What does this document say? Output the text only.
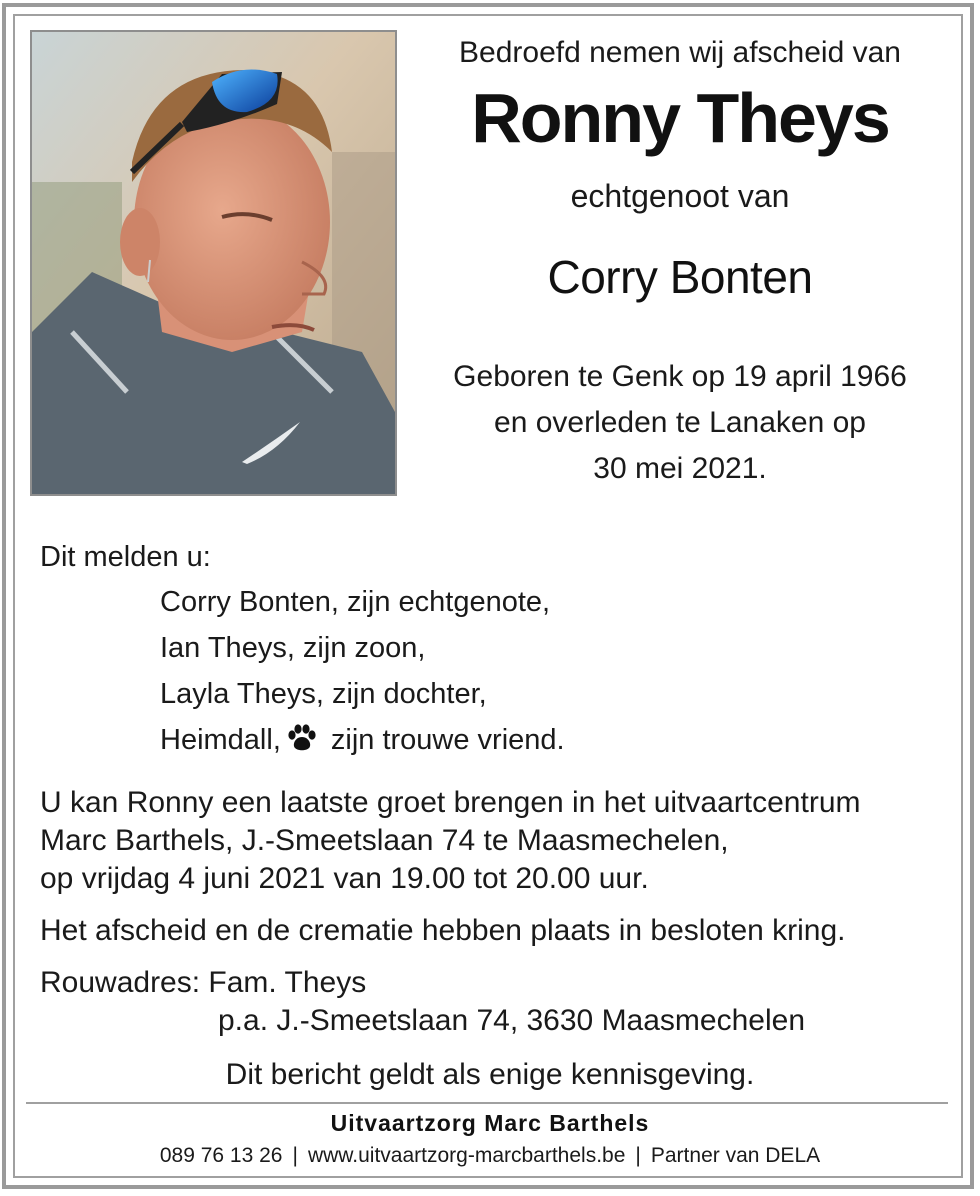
Bedroefd nemen wij afscheid van
Ronny Theys
echtgenoot van
Corry Bonten
Geboren te Genk op 19 april 1966
en overleden te Lanaken op
30 mei 2021.
Dit melden u:
Corry Bonten, zijn echtgenote,
Ian Theys, zijn zoon,
Layla Theys, zijn dochter,
Heimdall, zijn trouwe vriend.
U kan Ronny een laatste groet brengen in het uitvaartcentrum
Marc Barthels, J.-Smeetslaan 74 te Maasmechelen,
op vrijdag 4 juni 2021 van 19.00 tot 20.00 uur.
Het afscheid en de crematie hebben plaats in besloten kring.
Rouwadres: Fam. Theys
p.a. J.-Smeetslaan 74, 3630 Maasmechelen
Dit bericht geldt als enige kennisgeving.
Uitvaartzorg Marc Barthels
089 76 13 26 | www.uitvaartzorg-marcbarthels.be | Partner van DELA
